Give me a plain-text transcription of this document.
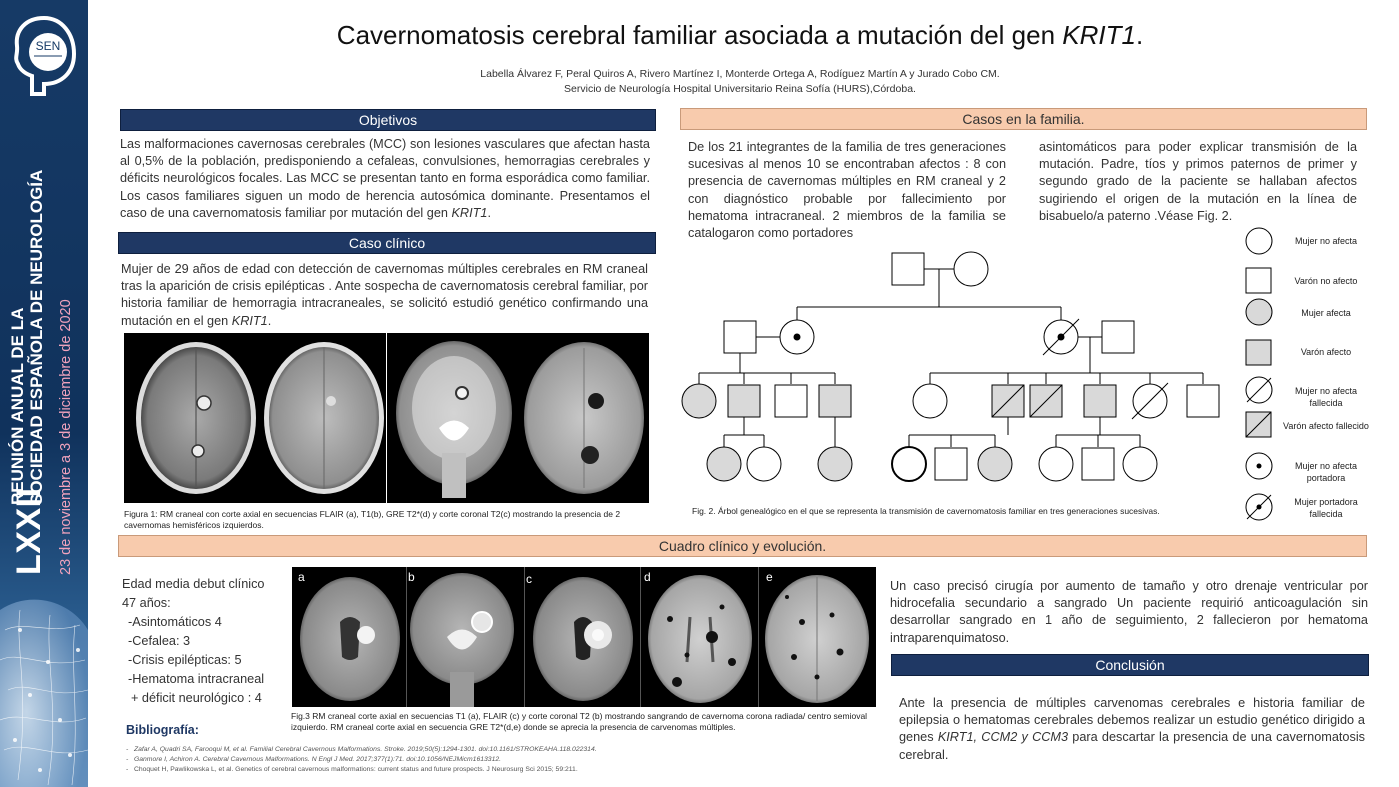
SEN
LXXII
REUNIÓN ANUAL DE LA SOCIEDAD ESPAÑOLA DE NEUROLOGÍA 23 de noviembre a 3 de diciembre de 2020
Cavernomatosis cerebral familiar asociada a mutación del gen KRIT1.
Labella Álvarez F, Peral Quiros A, Rivero Martínez I, Monterde Ortega A, Rodíguez Martín A y Jurado Cobo CM.
Servicio de Neurología Hospital Universitario Reina Sofía (HURS),Córdoba.
Objetivos
Las malformaciones cavernosas cerebrales (MCC) son lesiones vasculares que afectan hasta al 0,5% de la población, predisponiendo a cefaleas, convulsiones, hemorragias cerebrales y déficits neurológicos focales. Las MCC se presentan tanto en forma esporádica como familiar. Los casos familiares siguen un modo de herencia autosómica dominante. Presentamos el caso de una cavernomatosis familiar por mutación del gen KRIT1.
Caso clínico
Mujer de 29 años de edad con detección de cavernomas múltiples cerebrales en RM craneal tras la aparición de crisis epilépticas . Ante sospecha de cavernomatosis cerebral familiar, por historia familiar de hemorragia intracraneales, se solicitó estudió genético confirmando una mutación en el gen KRIT1.
Figura 1: RM craneal con corte axial en secuencias FLAIR (a), T1(b), GRE T2*(d) y corte coronal T2(c) mostrando la presencia de 2 cavernomas hemisféricos izquierdos.
Casos en la familia.
De los 21 integrantes de la familia de tres generaciones sucesivas al menos 10 se encontraban afectos : 8 con presencia de cavernomas múltiples en RM craneal y 2 con diagnóstico probable por fallecimiento por hematoma intracraneal. 2 miembros de la familia se catalogaron como portadores
asintomáticos para poder explicar transmisión de la mutación. Padre, tíos y primos paternos de primer y segundo grado de la paciente se hallaban afectos sugiriendo el origen de la mutación en la línea de bisabuelo/a paterno .Véase Fig. 2.
Mujer no afecta
Varón no afecto
Mujer afecta
Varón afecto
Mujer no afecta fallecida
Varón afecto fallecido
Mujer no afecta portadora
Mujer portadora fallecida
Fig. 2. Árbol genealógico en el que se representa la transmisión de cavernomatosis familiar en tres generaciones sucesivas.
Cuadro clínico y evolución.
Edad media debut clínico
47 años:
-Asintomáticos 4
-Cefalea: 3
-Crisis epilépticas: 5
-Hematoma intracraneal
+ déficit neurológico : 4
a	b	c	d	e
Fig.3 RM craneal corte axial en secuencias T1 (a), FLAIR (c) y corte coronal T2 (b) mostrando sangrando de cavernoma corona radiada/ centro semioval izquierdo. RM craneal corte axial en secuencia GRE T2*(d,e) donde se aprecia la presencia de carvenomas múltiples.
Un caso precisó cirugía por aumento de tamaño y otro drenaje ventricular por hidrocefalia secundario a sangrado Un paciente requirió anticoagulación sin desarrollar sangrado en 1 año de seguimiento, 2 fallecieron por hematoma intraparenquimatoso.
Conclusión
Ante la presencia de múltiples carvenomas cerebrales e historia familiar de epilepsia o hematomas cerebrales debemos realizar un estudio genético dirigido a genes KIRT1, CCM2 y CCM3 para descartar la presencia de una cavernomatosis cerebral.
Bibliografía:
-   Zafar A, Quadri SA, Farooqui M, et al. Familial Cerebral Cavernous Malformations. Stroke. 2019;50(5):1294-1301. doi:10.1161/STROKEAHA.118.022314.
-   Ganmore I, Achiron A. Cerebral Cavernous Malformations. N Engl J Med. 2017;377(1):71. doi:10.1056/NEJMicm1613312.
-   Choquet H, Pawlikowska L, et al. Genetics of cerebral cavernous malformations: current status and future prospects. J Neurosurg Sci 2015; 59:211.
